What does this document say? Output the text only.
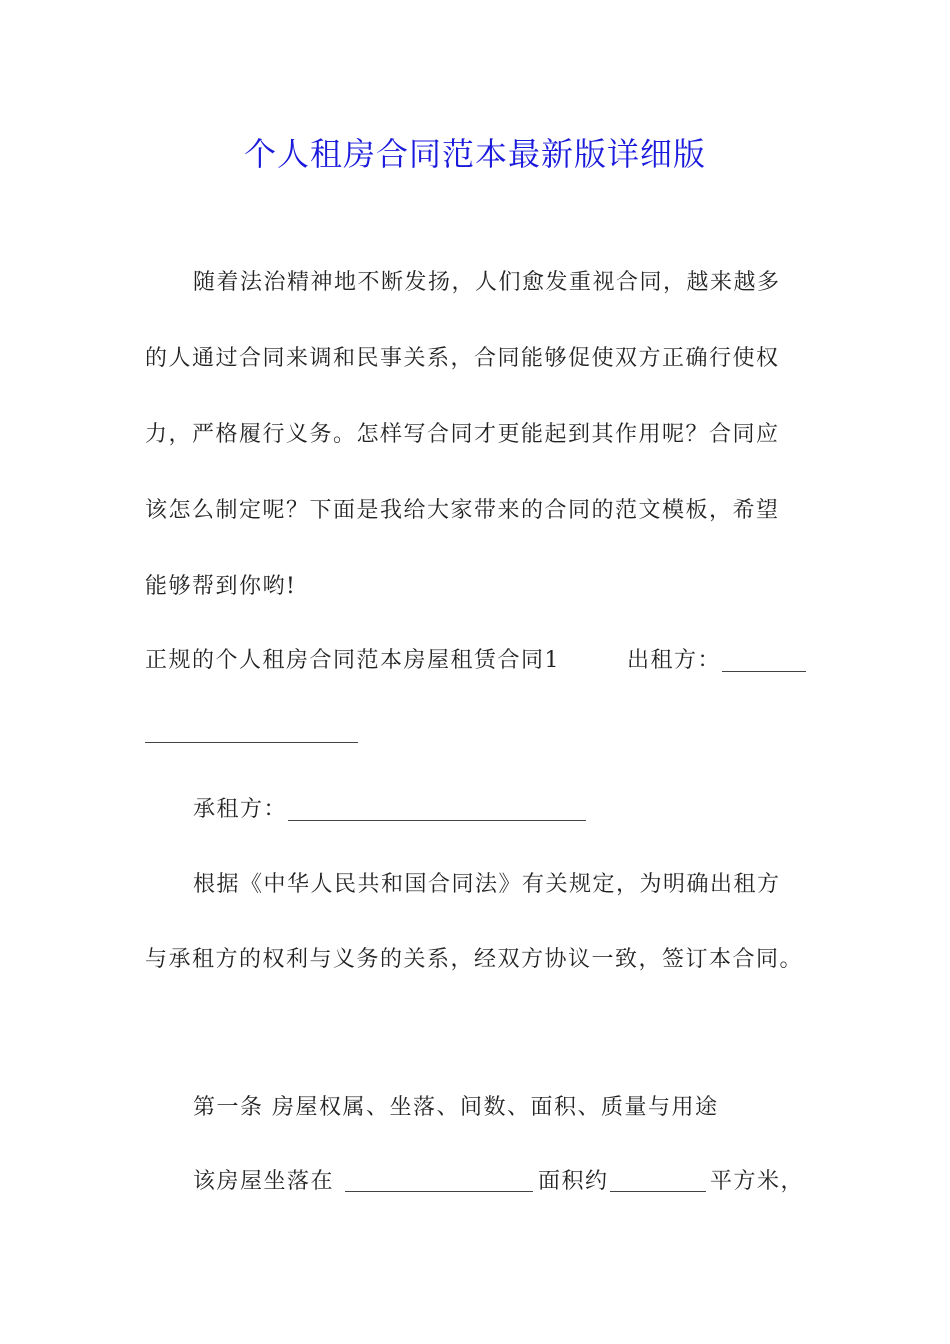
个人租房合同范本最新版详细版
随着法治精神地不断发扬，人们愈发重视合同，越来越多
的人通过合同来调和民事关系，合同能够促使双方正确行使权
力，严格履行义务。怎样写合同才更能起到其作用呢？合同应
该怎么制定呢？下面是我给大家带来的合同的范文模板，希望
能够帮到你哟!
正规的个人租房合同范本房屋租赁合同1	出租方：
承租方：
根据《中华人民共和国合同法》有关规定，为明确出租方
与承租方的权利与义务的关系，经双方协议一致，签订本合同。
第一条 房屋权属、坐落、间数、面积、质量与用途
该房屋坐落在	面积约	平方米，
